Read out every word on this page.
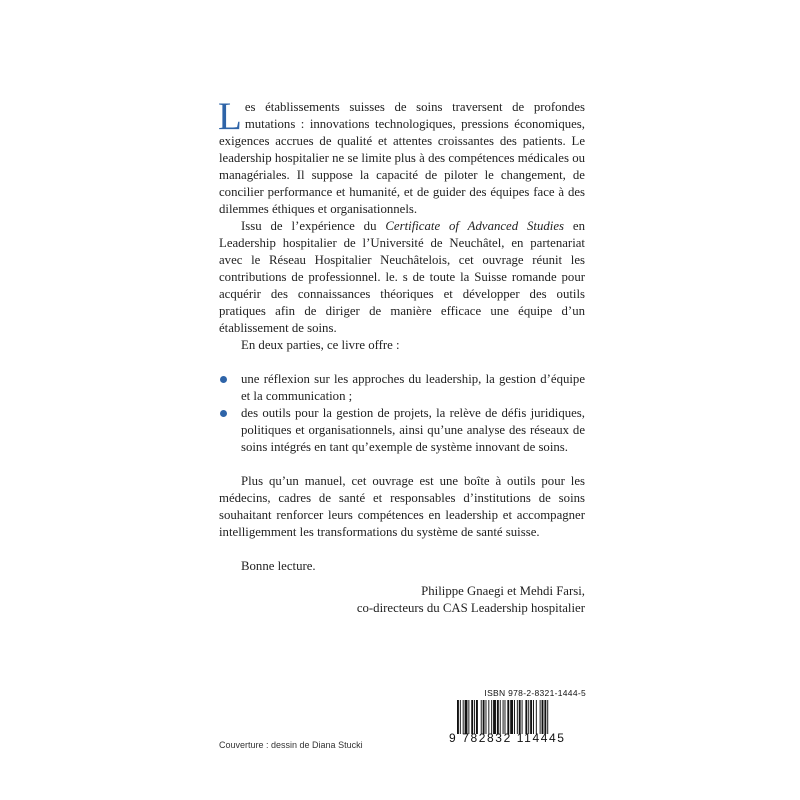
Les établissements suisses de soins traversent de profondes mutations : innovations technologiques, pressions économiques, exigences accrues de qualité et attentes croissantes des patients. Le leadership hospitalier ne se limite plus à des compétences médicales ou managériales. Il suppose la capacité de piloter le changement, de concilier performance et humanité, et de guider des équipes face à des dilemmes éthiques et organisationnels.

Issu de l’expérience du Certificate of Advanced Studies en Leadership hospitalier de l’Université de Neuchâtel, en partenariat avec le Réseau Hospitalier Neuchâtelois, cet ouvrage réunit les contributions de professionnel. le. s de toute la Suisse romande pour acquérir des connaissances théoriques et développer des outils pratiques afin de diriger de manière efficace une équipe d’un établissement de soins.

En deux parties, ce livre offre :

une réflexion sur les approches du leadership, la gestion d’équipe et la communication ;
des outils pour la gestion de projets, la relève de défis juridiques, politiques et organisationnels, ainsi qu’une analyse des réseaux de soins intégrés en tant qu’exemple de système innovant de soins.

Plus qu’un manuel, cet ouvrage est une boîte à outils pour les médecins, cadres de santé et responsables d’institutions de soins souhaitant renforcer leurs compétences en leadership et accompagner intelligemment les transformations du système de santé suisse.

Bonne lecture.

Philippe Gnaegi et Mehdi Farsi,
co-directeurs du CAS Leadership hospitalier
Couverture : dessin de Diana Stucki
ISBN 978-2-8321-1444-5
9 782832 114445
